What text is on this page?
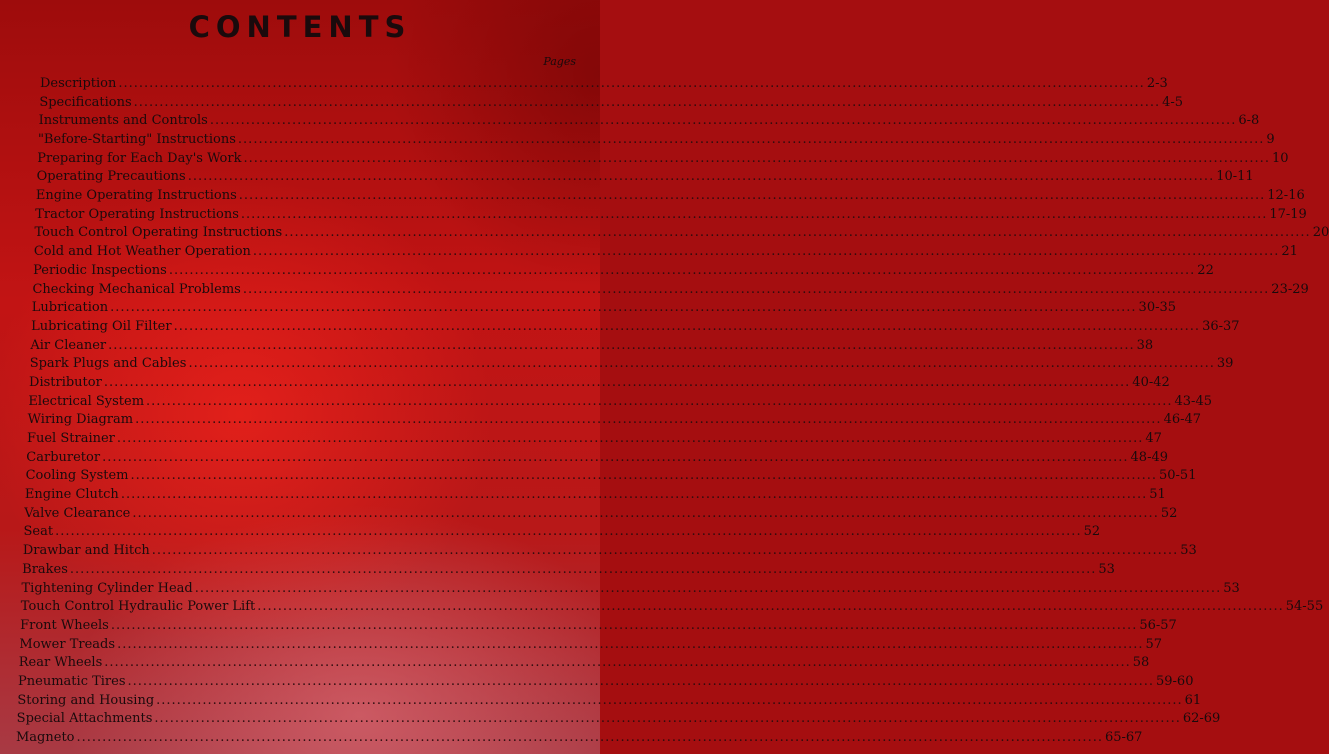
CONTENTS
Pages
Description ........................................................................................................................................................................................................ 2-3
Specifications ........................................................................................................................................................................................................ 4-5
Instruments and Controls ........................................................................................................................................................................................................ 6-8
"Before-Starting" Instructions ........................................................................................................................................................................................................ 9
Preparing for Each Day's Work ........................................................................................................................................................................................................ 10
Operating Precautions ........................................................................................................................................................................................................ 10-11
Engine Operating Instructions ........................................................................................................................................................................................................ 12-16
Tractor Operating Instructions ........................................................................................................................................................................................................ 17-19
Touch Control Operating Instructions ........................................................................................................................................................................................................ 20
Cold and Hot Weather Operation ........................................................................................................................................................................................................ 21
Periodic Inspections ........................................................................................................................................................................................................ 22
Checking Mechanical Problems ........................................................................................................................................................................................................ 23-29
Lubrication ........................................................................................................................................................................................................ 30-35
Lubricating Oil Filter ........................................................................................................................................................................................................ 36-37
Air Cleaner ........................................................................................................................................................................................................ 38
Spark Plugs and Cables ........................................................................................................................................................................................................ 39
Distributor ........................................................................................................................................................................................................ 40-42
Electrical System ........................................................................................................................................................................................................ 43-45
Wiring Diagram ........................................................................................................................................................................................................ 46-47
Fuel Strainer ........................................................................................................................................................................................................ 47
Carburetor ........................................................................................................................................................................................................ 48-49
Cooling System ........................................................................................................................................................................................................ 50-51
Engine Clutch ........................................................................................................................................................................................................ 51
Valve Clearance ........................................................................................................................................................................................................ 52
Seat ........................................................................................................................................................................................................ 52
Drawbar and Hitch ........................................................................................................................................................................................................ 53
Brakes ........................................................................................................................................................................................................ 53
Tightening Cylinder Head ........................................................................................................................................................................................................ 53
Touch Control Hydraulic Power Lift ........................................................................................................................................................................................................ 54-55
Front Wheels ........................................................................................................................................................................................................ 56-57
Mower Treads ........................................................................................................................................................................................................ 57
Rear Wheels ........................................................................................................................................................................................................ 58
Pneumatic Tires ........................................................................................................................................................................................................ 59-60
Storing and Housing ........................................................................................................................................................................................................ 61
Special Attachments ........................................................................................................................................................................................................ 62-69
Magneto ........................................................................................................................................................................................................ 65-67
